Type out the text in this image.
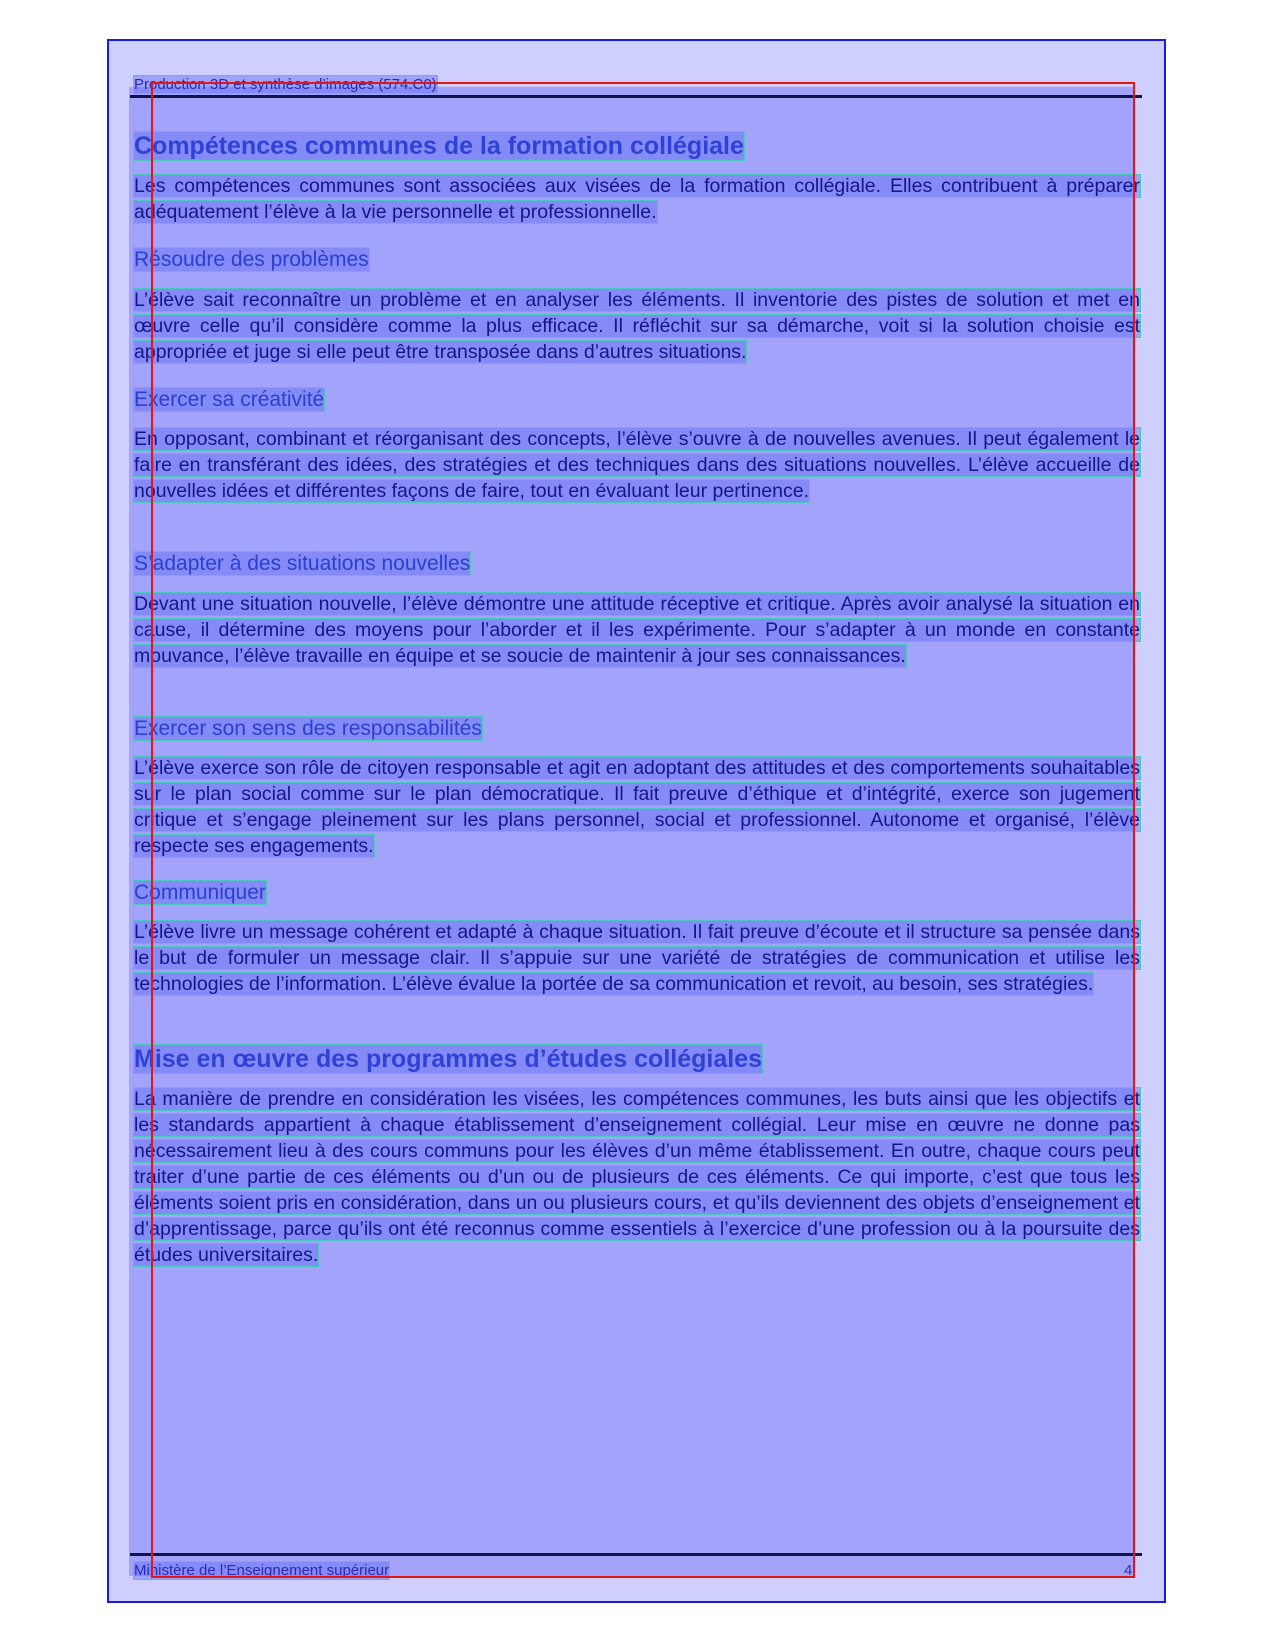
Production 3D et synthèse d’images (574.C0)
Compétences communes de la formation collégiale

Les compétences communes sont associées aux visées de la formation collégiale. Elles contribuent à préparer adéquatement l’élève à la vie personnelle et professionnelle.

Résoudre des problèmes

L’élève sait reconnaître un problème et en analyser les éléments. Il inventorie des pistes de solution et met en œuvre celle qu’il considère comme la plus efficace. Il réfléchit sur sa démarche, voit si la solution choisie est appropriée et juge si elle peut être transposée dans d’autres situations.

Exercer sa créativité

En opposant, combinant et réorganisant des concepts, l’élève s’ouvre à de nouvelles avenues. Il peut également le faire en transférant des idées, des stratégies et des techniques dans des situations nouvelles. L’élève accueille de nouvelles idées et différentes façons de faire, tout en évaluant leur pertinence.

S’adapter à des situations nouvelles

Devant une situation nouvelle, l’élève démontre une attitude réceptive et critique. Après avoir analysé la situation en cause, il détermine des moyens pour l’aborder et il les expérimente. Pour s’adapter à un monde en constante mouvance, l’élève travaille en équipe et se soucie de maintenir à jour ses connaissances.

Exercer son sens des responsabilités

L’élève exerce son rôle de citoyen responsable et agit en adoptant des attitudes et des comportements souhaitables sur le plan social comme sur le plan démocratique. Il fait preuve d’éthique et d’intégrité, exerce son jugement critique et s’engage pleinement sur les plans personnel, social et professionnel. Autonome et organisé, l’élève respecte ses engagements.

Communiquer

L’élève livre un message cohérent et adapté à chaque situation. Il fait preuve d’écoute et il structure sa pensée dans le but de formuler un message clair. Il s’appuie sur une variété de stratégies de communication et utilise les technologies de l’information. L’élève évalue la portée de sa communication et revoit, au besoin, ses stratégies.

Mise en œuvre des programmes d’études collégiales

La manière de prendre en considération les visées, les compétences communes, les buts ainsi que les objectifs et les standards appartient à chaque établissement d’enseignement collégial. Leur mise en œuvre ne donne pas nécessairement lieu à des cours communs pour les élèves d’un même établissement. En outre, chaque cours peut traiter d’une partie de ces éléments ou d’un ou de plusieurs de ces éléments. Ce qui importe, c’est que tous les éléments soient pris en considération, dans un ou plusieurs cours, et qu’ils deviennent des objets d’enseignement et d’apprentissage, parce qu’ils ont été reconnus comme essentiels à l’exercice d’une profession ou à la poursuite des études universitaires.

Ministère de l’Enseignement supérieur	4
